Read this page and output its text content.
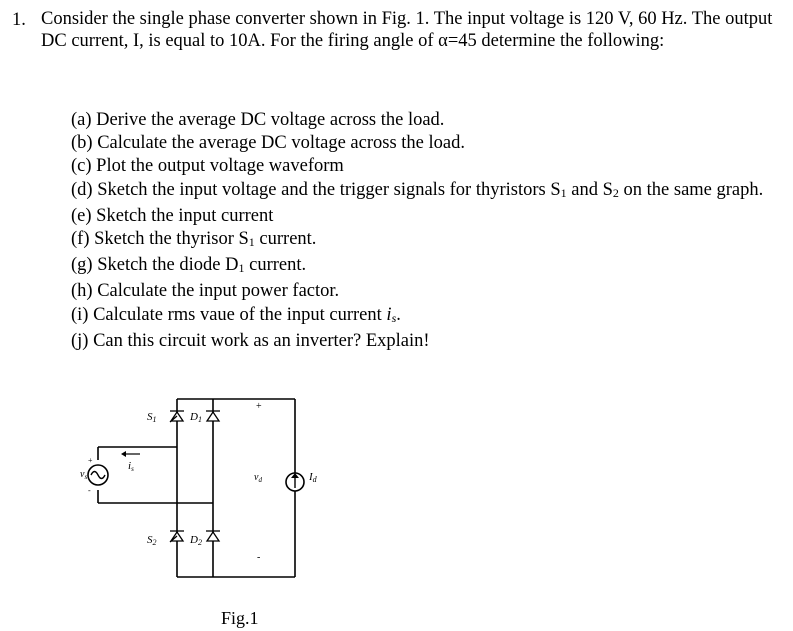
1. Consider the single phase converter shown in Fig. 1. The input voltage is 120 V, 60 Hz. The output DC current, I, is equal to 10A. For the firing angle of α=45 determine the following:
(a) Derive the average DC voltage across the load.
(b) Calculate the average DC voltage across the load.
(c) Plot the output voltage waveform
(d) Sketch the input voltage and the trigger signals for thyristors S1 and S2 on the same graph.
(e) Sketch the input current
(f) Sketch the thyrisor S1 current.
(g) Sketch the diode D1 current.
(h) Calculate the input power factor.
(i) Calculate rms vaue of the input current is.
(j) Can this circuit work as an inverter? Explain!
S1	D1
S2	D2
is
$v_s$	$v_d$	Id
+
-
+
-
Fig.1
